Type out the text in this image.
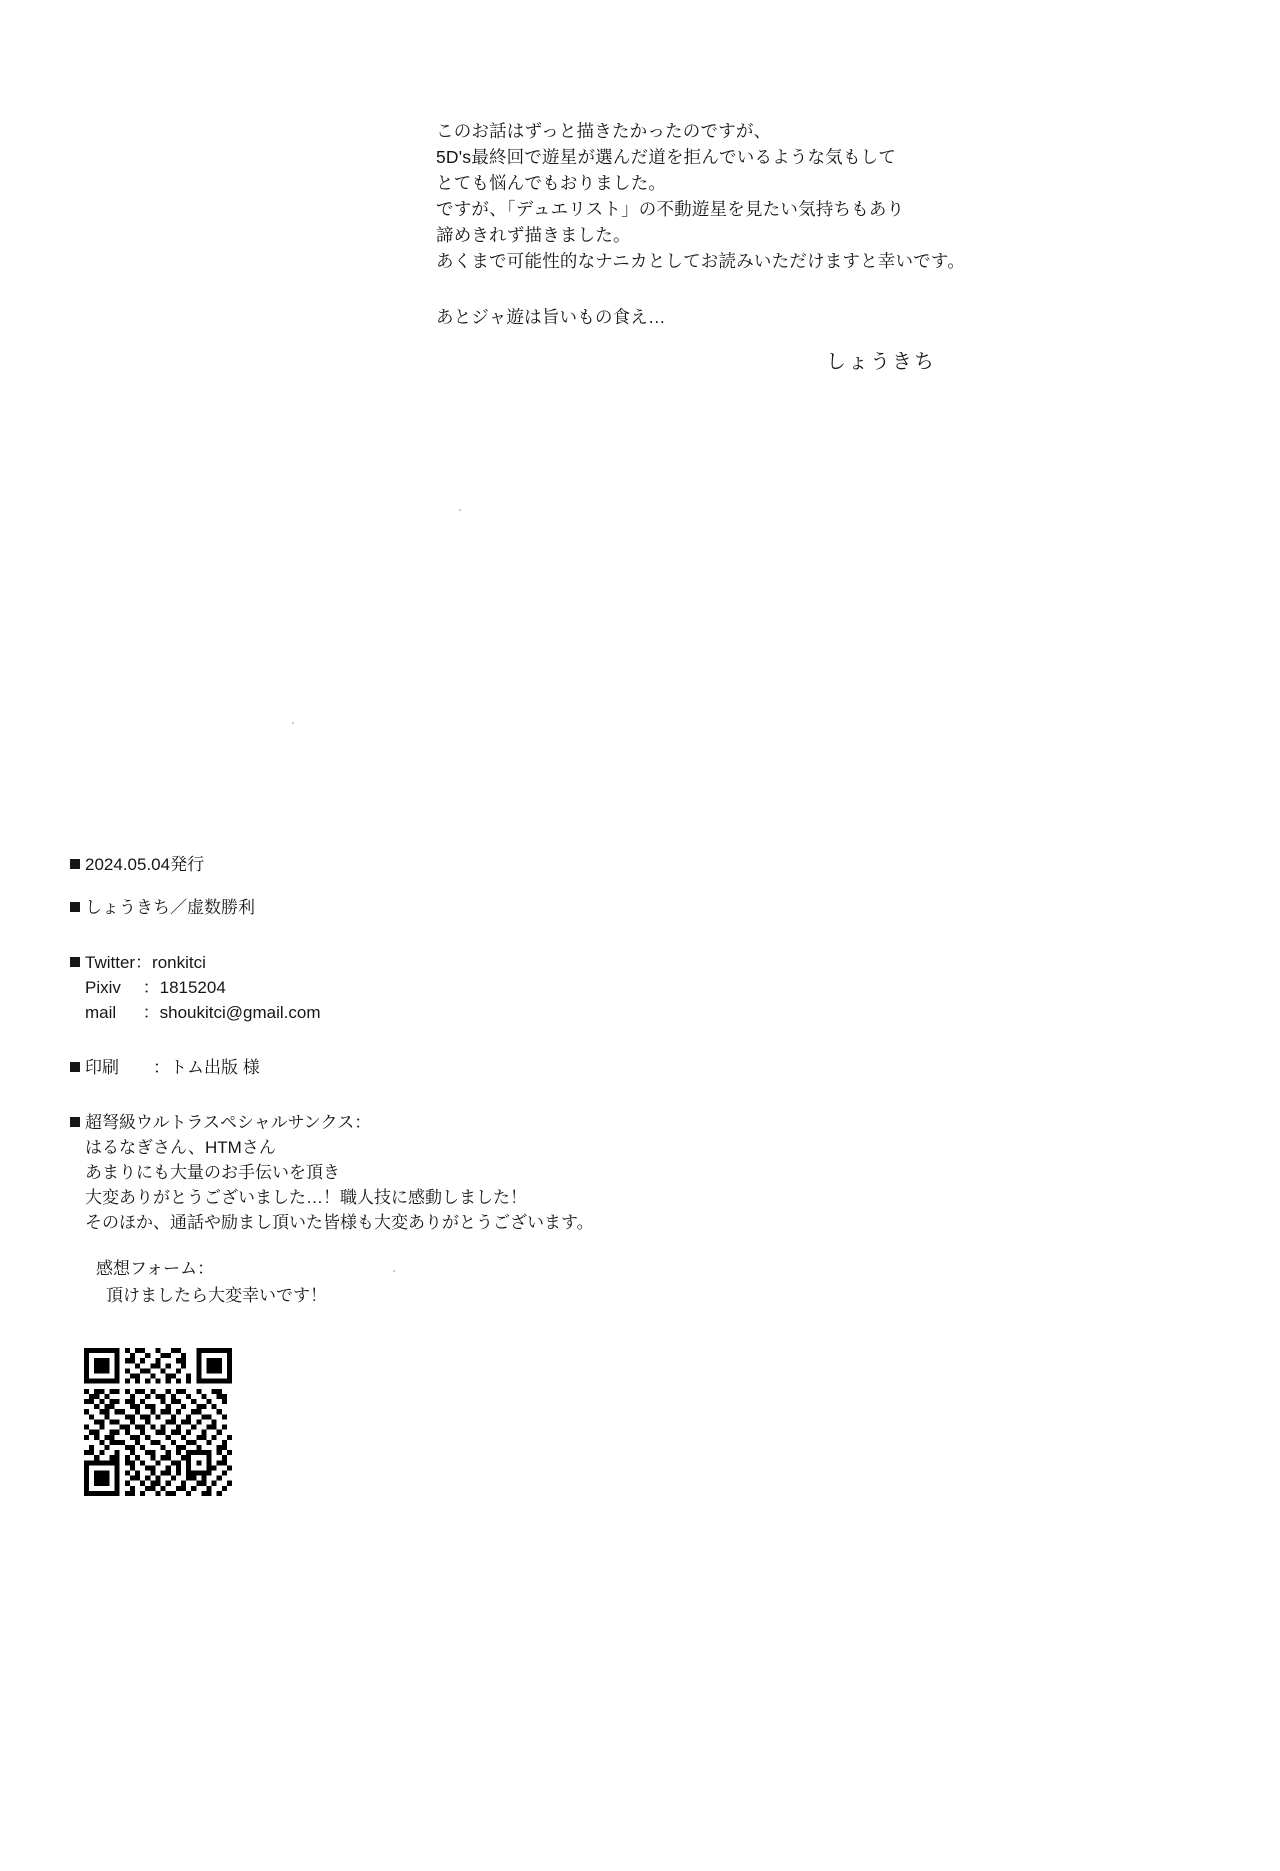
このお話はずっと描きたかったのですが、
5D's最終回で遊星が選んだ道を拒んでいるような気もして
とても悩んでもおりました。
ですが、「デュエリスト」の不動遊星を見たい気持ちもあり
諦めきれず描きました。
あくまで可能性的なナニカとしてお読みいただけますと幸いです。
あとジャ遊は旨いもの食え…
しょうきち
2024.05.04発行
しょうきち／虚数勝利
Twitter：ronkitci
Pixiv 　：1815204
mail 　 ：shoukitci@gmail.com
印刷　　：トム出版 様
超弩級ウルトラスペシャルサンクス：
はるなぎさん、HTMさん
あまりにも大量のお手伝いを頂き
大変ありがとうございました…！職人技に感動しました！
そのほか、通話や励まし頂いた皆様も大変ありがとうございます。
感想フォーム：
頂けましたら大変幸いです！
